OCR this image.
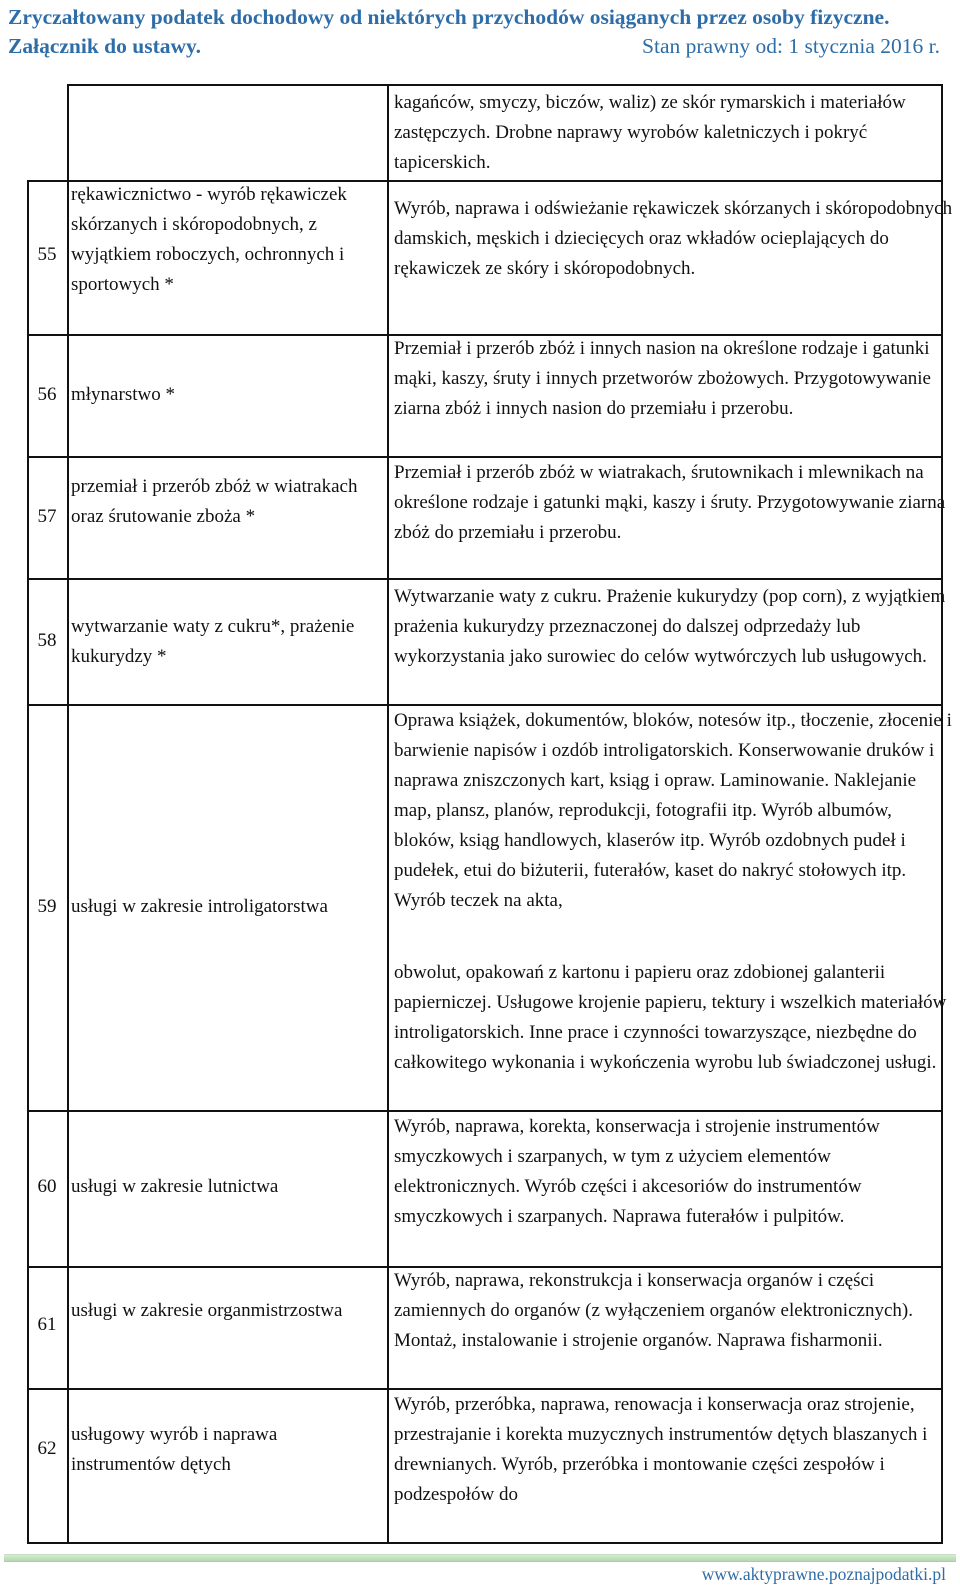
Zryczałtowany podatek dochodowy od niektórych przychodów osiąganych przez osoby fizyczne.
Załącznik do ustawy.	Stan prawny od: 1 stycznia 2016 r.
kagańców, smyczy, biczów, waliz) ze skór rymarskich i materiałów zastępczych. Drobne naprawy wyrobów kaletniczych i pokryć tapicerskich.
55
rękawicznictwo - wyrób rękawiczek skórzanych i skóropodobnych, z wyjątkiem roboczych, ochronnych i sportowych *
Wyrób, naprawa i odświeżanie rękawiczek skórzanych i skóropodobnych damskich, męskich i dziecięcych oraz wkładów ocieplających do rękawiczek ze skóry i skóropodobnych.
56 młynarstwo *
Przemiał i przerób zbóż i innych nasion na określone rodzaje i gatunki mąki, kaszy, śruty i innych przetworów zbożowych. Przygotowywanie ziarna zbóż i innych nasion do przemiału i przerobu.
57
przemiał i przerób zbóż w wiatrakach oraz śrutowanie zboża *
Przemiał i przerób zbóż w wiatrakach, śrutownikach i mlewnikach na określone rodzaje i gatunki mąki, kaszy i śruty. Przygotowywanie ziarna zbóż do przemiału i przerobu.
58
wytwarzanie waty z cukru*, prażenie kukurydzy *
Wytwarzanie waty z cukru. Prażenie kukurydzy (pop corn), z wyjątkiem prażenia kukurydzy przeznaczonej do dalszej odprzedaży lub wykorzystania jako surowiec do celów wytwórczych lub usługowych.
59 usługi w zakresie introligatorstwa
Oprawa książek, dokumentów, bloków, notesów itp., tłoczenie, złocenie i barwienie napisów i ozdób introligatorskich. Konserwowanie druków i naprawa zniszczonych kart, ksiąg i opraw. Laminowanie. Naklejanie map, plansz, planów, reprodukcji, fotografii itp. Wyrób albumów, bloków, ksiąg handlowych, klaserów itp. Wyrób ozdobnych pudeł i pudełek, etui do biżuterii, futerałów, kaset do nakryć stołowych itp. Wyrób teczek na akta,
obwolut, opakowań z kartonu i papieru oraz zdobionej galanterii papierniczej. Usługowe krojenie papieru, tektury i wszelkich materiałów introligatorskich. Inne prace i czynności towarzyszące, niezbędne do całkowitego wykonania i wykończenia wyrobu lub świadczonej usługi.
60 usługi w zakresie lutnictwa
Wyrób, naprawa, korekta, konserwacja i strojenie instrumentów smyczkowych i szarpanych, w tym z użyciem elementów elektronicznych. Wyrób części i akcesoriów do instrumentów smyczkowych i szarpanych. Naprawa futerałów i pulpitów.
61
usługi w zakresie organmistrzostwa
Wyrób, naprawa, rekonstrukcja i konserwacja organów i części zamiennych do organów (z wyłączeniem organów elektronicznych). Montaż, instalowanie i strojenie organów. Naprawa fisharmonii.
62
usługowy wyrób i naprawa instrumentów dętych
Wyrób, przeróbka, naprawa, renowacja i konserwacja oraz strojenie, przestrajanie i korekta muzycznych instrumentów dętych blaszanych i drewnianych. Wyrób, przeróbka i montowanie części zespołów i podzespołów do
www.aktyprawne.poznajpodatki.pl
